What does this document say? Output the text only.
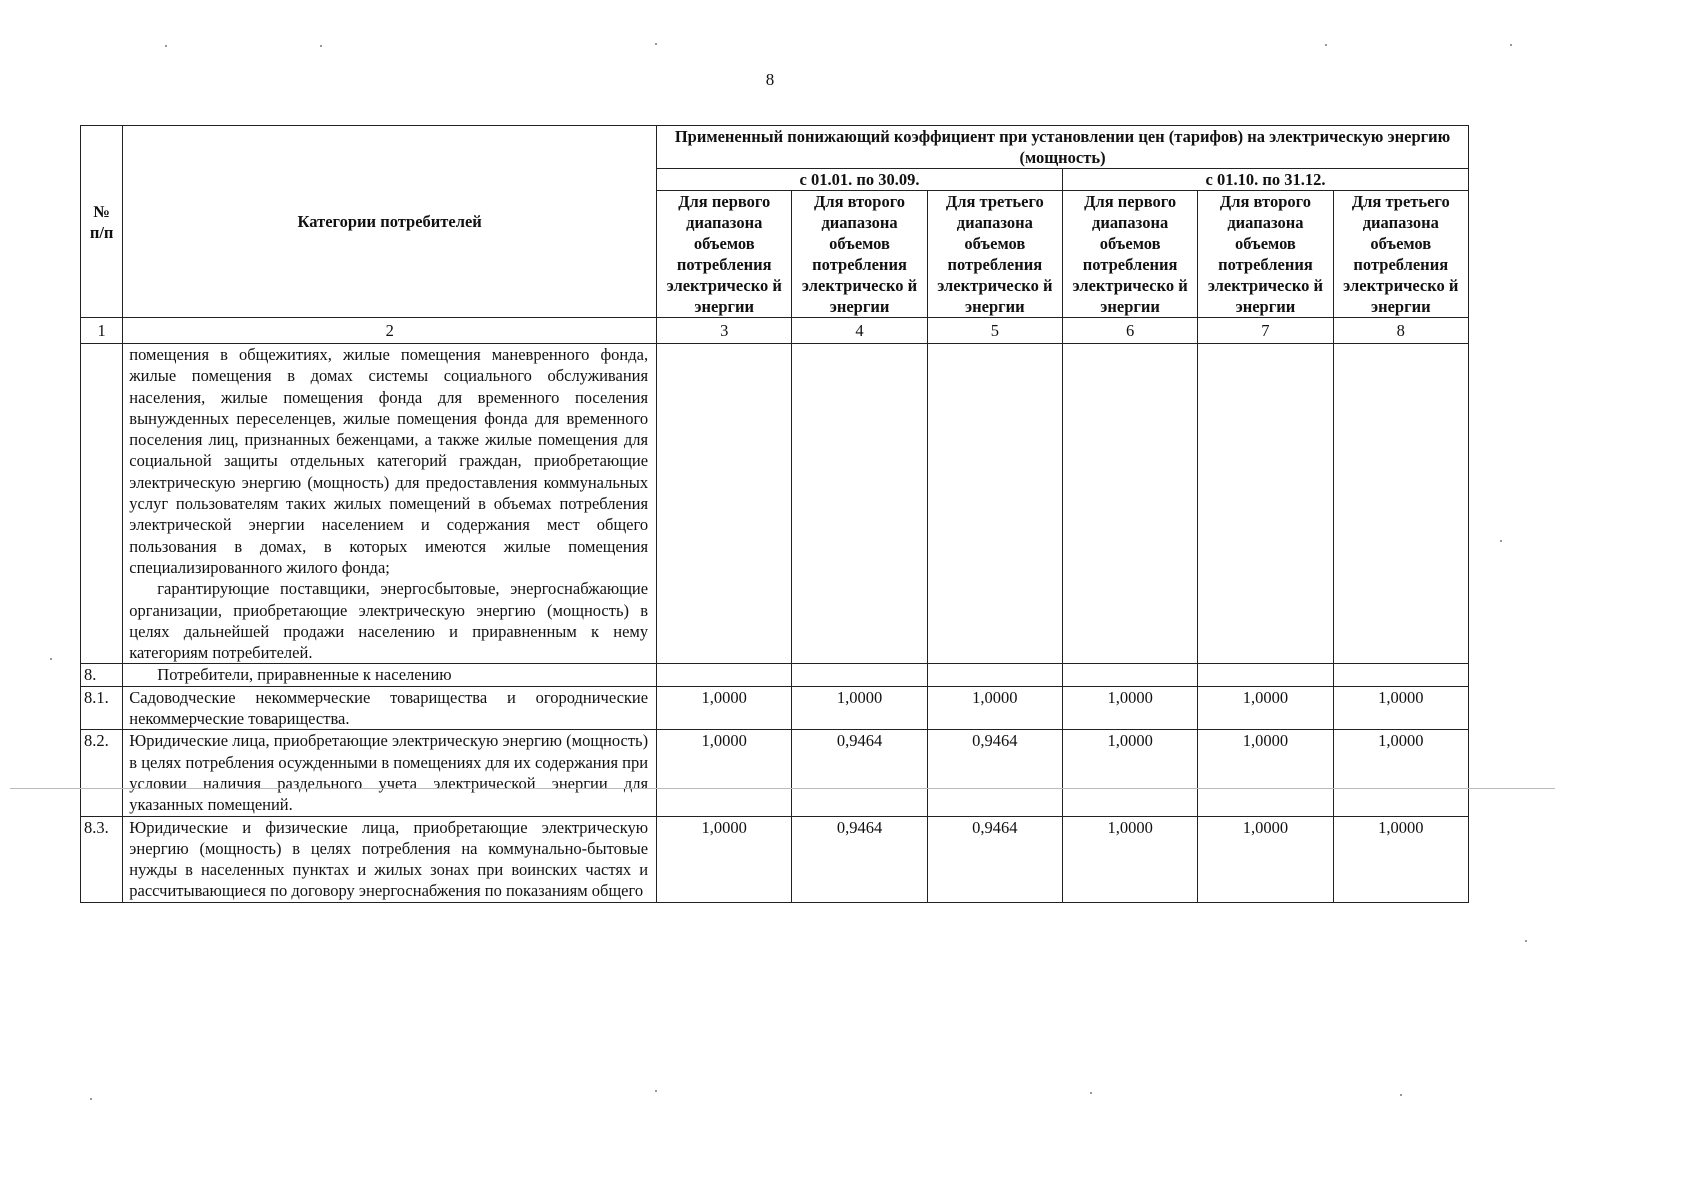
8
№
п/п	Категории потребителей	Примененный понижающий коэффициент при установлении цен (тарифов) на электрическую энергию (мощность)					
		с 01.01. по 30.09.			с 01.10. по 31.12.		
		Для первого диапазона объемов потребления электрическо й энергии	Для второго диапазона объемов потребления электрическо й энергии	Для третьего диапазона объемов потребления электрическо й энергии	Для первого диапазона объемов потребления электрическо й энергии	Для второго диапазона объемов потребления электрическо й энергии	Для третьего диапазона объемов потребления электрическо й энергии
1	2	3	4	5	6	7	8

	помещения в общежитиях, жилые помещения маневренного фонда, жилые помещения в домах системы социального обслуживания населения, жилые помещения фонда для временного поселения вынужденных переселенцев, жилые помещения фонда для временного поселения лиц, признанных беженцами, а также жилые помещения для социальной защиты отдельных категорий граждан, приобретающие электрическую энергию (мощность) для предоставления коммунальных услуг пользователям таких жилых помещений в объемах потребления электрической энергии населением и содержания мест общего пользования в домах, в которых имеются жилые помещения специализированного жилого фонда;

гарантирующие поставщики, энергосбытовые, энергоснабжающие организации, приобретающие электрическую энергию (мощность) в целях дальнейшей продажи населению и приравненным к нему категориям потребителей.						

8.	Потребители, приравненные к населению						

8.1.	Садоводческие некоммерческие товарищества и огороднические некоммерческие товарищества.	1,0000	1,0000	1,0000	1,0000	1,0000	1,0000
8.2.	Юридические лица, приобретающие электрическую энергию (мощность) в целях потребления осужденными в помещениях для их содержания при условии наличия раздельного учета электрической энергии для указанных помещений.	1,0000	0,9464	0,9464	1,0000	1,0000	1,0000
8.3.	Юридические и физические лица, приобретающие электрическую энергию (мощность) в целях потребления на коммунально-бытовые нужды в населенных пунктах и жилых зонах при воинских частях и рассчитывающиеся по договору энергоснабжения по показаниям общего	1,0000	0,9464	0,9464	1,0000	1,0000	1,0000
